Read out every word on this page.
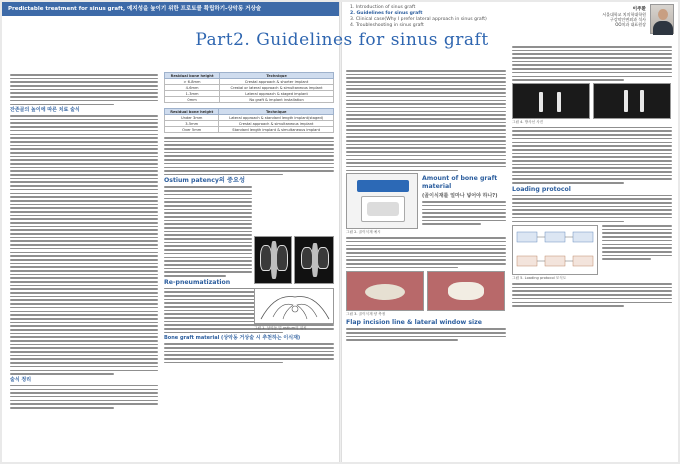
Predictable treatment for sinus graft, 예지성을 높이기 위한 프로토콜 확립하기-상악동 거상술
잔존골의 높이에 따른 치료 술식
술식 정리
Residual bone height	Technique
> 6-8mm	Crestal approach & shorter implant
4-6mm	Crestal or lateral approach & simultaneous implant
1-3mm	Lateral approach & staged implant
0mm	No graft & implant installation
Residual bone height	Technique
Under 3mm	Lateral approach & standard length implant(staged)
3-5mm	Crestal approach & simultaneous implant
Over 5mm	Standard length implant & simultaneous implant
Ostium patency의 중요성
Re-pneumatization
Bone graft material (상악동 거상술 시 추천하는 이식재)
그림 1. 상악동 및 ostium의 위치
1. Introduction of sinus graft
2. Guidelines for sinus graft
3. Clinical case(Why I prefer lateral approach in sinus graft)
4. Troubleshooting in sinus graft
이주환
서울대학교 치의학대학원
구강악안면외과 석사
OO치과 대표원장
Amount of bone graft material
(골이식재를 얼마나 넣어야 하나?)
그림 2. 골이식재 예시
그림 3. 골이식재 양 측정
Flap incision line & lateral window size
그림 4. 방사선 사진
Loading protocol
그림 5. Loading protocol 모식도
Part2. Guidelines for sinus graft
